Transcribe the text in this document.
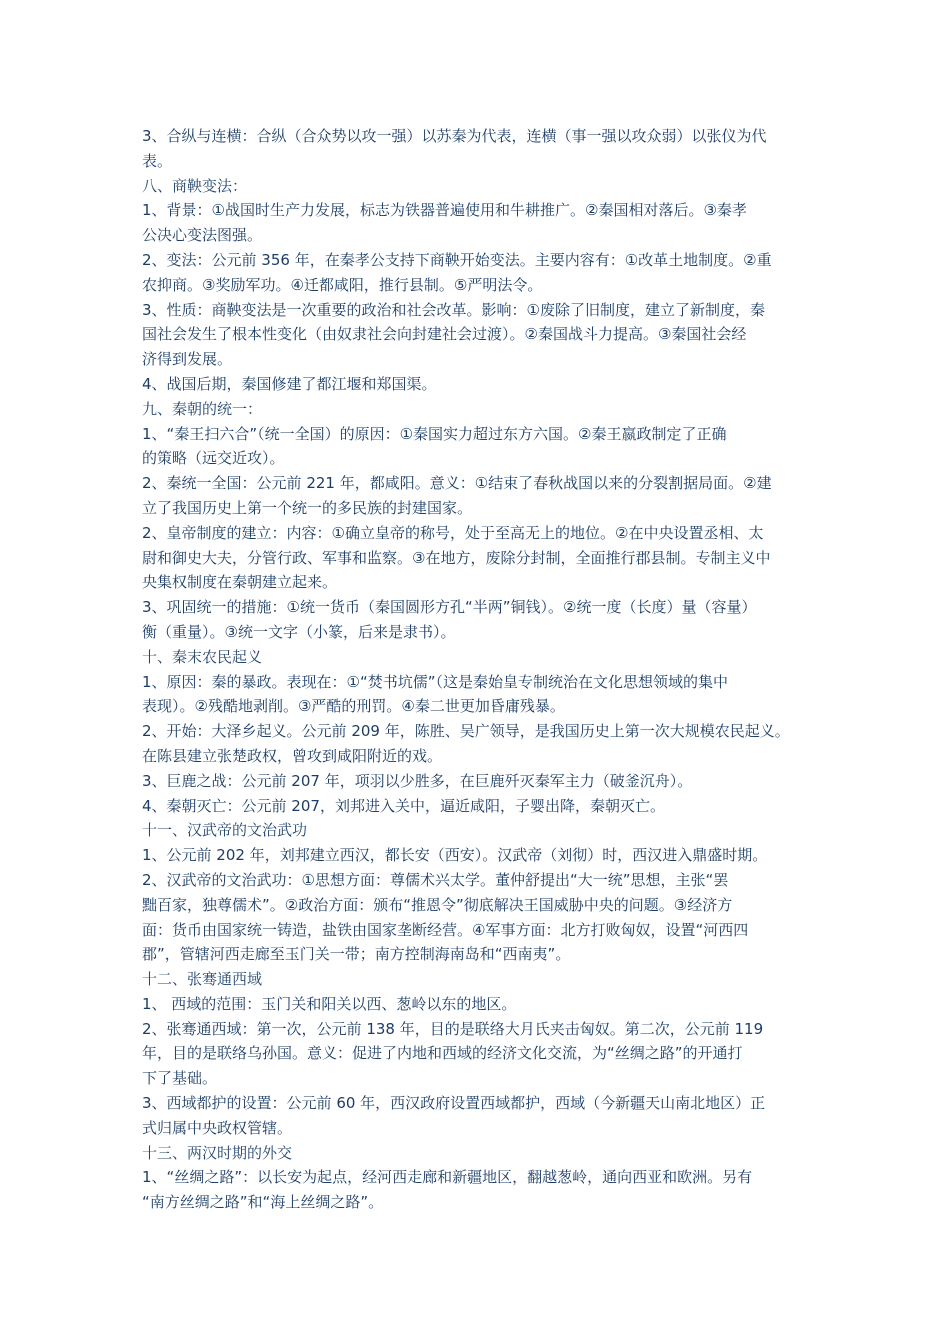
3、合纵与连横：合纵（合众势以攻一强）以苏秦为代表，连横（事一强以攻众弱）以张仪为代
表。
八、商鞅变法：
1、背景：①战国时生产力发展，标志为铁器普遍使用和牛耕推广。②秦国相对落后。③秦孝
公决心变法图强。
2、变法：公元前 356 年，在秦孝公支持下商鞅开始变法。主要内容有：①改革土地制度。②重
农抑商。③奖励军功。④迁都咸阳，推行县制。⑤严明法令。
3、性质：商鞅变法是一次重要的政治和社会改革。影响：①废除了旧制度，建立了新制度，秦
国社会发生了根本性变化（由奴隶社会向封建社会过渡）。②秦国战斗力提高。③秦国社会经
济得到发展。
4、战国后期，秦国修建了都江堰和郑国渠。
九、秦朝的统一：
1、“秦王扫六合”（统一全国）的原因：①秦国实力超过东方六国。②秦王嬴政制定了正确
的策略（远交近攻）。
2、秦统一全国：公元前 221 年，都咸阳。意义：①结束了春秋战国以来的分裂割据局面。②建
立了我国历史上第一个统一的多民族的封建国家。
2、皇帝制度的建立：内容：①确立皇帝的称号，处于至高无上的地位。②在中央设置丞相、太
尉和御史大夫，分管行政、军事和监察。③在地方，废除分封制，全面推行郡县制。专制主义中
央集权制度在秦朝建立起来。
3、巩固统一的措施：①统一货币（秦国圆形方孔“半两”铜钱）。②统一度（长度）量（容量）
衡（重量）。③统一文字（小篆，后来是隶书）。
十、秦末农民起义
1、原因：秦的暴政。表现在：①“焚书坑儒”（这是秦始皇专制统治在文化思想领域的集中
表现）。②残酷地剥削。③严酷的刑罚。④秦二世更加昏庸残暴。
2、开始：大泽乡起义。公元前 209 年，陈胜、吴广领导，是我国历史上第一次大规模农民起义。
在陈县建立张楚政权，曾攻到咸阳附近的戏。
3、巨鹿之战：公元前 207 年，项羽以少胜多，在巨鹿歼灭秦军主力（破釜沉舟）。
4、秦朝灭亡：公元前 207，刘邦进入关中，逼近咸阳，子婴出降，秦朝灭亡。
十一、汉武帝的文治武功
1、公元前 202 年，刘邦建立西汉，都长安（西安）。汉武帝（刘彻）时，西汉进入鼎盛时期。
2、汉武帝的文治武功：①思想方面：尊儒术兴太学。董仲舒提出“大一统”思想，主张“罢
黜百家，独尊儒术”。②政治方面：颁布“推恩令”彻底解决王国威胁中央的问题。③经济方
面：货币由国家统一铸造，盐铁由国家垄断经营。④军事方面：北方打败匈奴，设置“河西四
郡”，管辖河西走廊至玉门关一带；南方控制海南岛和“西南夷”。
十二、张骞通西域
1、 西域的范围：玉门关和阳关以西、葱岭以东的地区。
2、张骞通西域：第一次，公元前 138 年，目的是联络大月氏夹击匈奴。第二次，公元前 119
年，目的是联络乌孙国。意义：促进了内地和西域的经济文化交流，为“丝绸之路”的开通打
下了基础。
3、西域都护的设置：公元前 60 年，西汉政府设置西域都护，西域（今新疆天山南北地区）正
式归属中央政权管辖。
十三、两汉时期的外交
1、“丝绸之路”：以长安为起点，经河西走廊和新疆地区，翻越葱岭，通向西亚和欧洲。另有
“南方丝绸之路”和“海上丝绸之路”。
